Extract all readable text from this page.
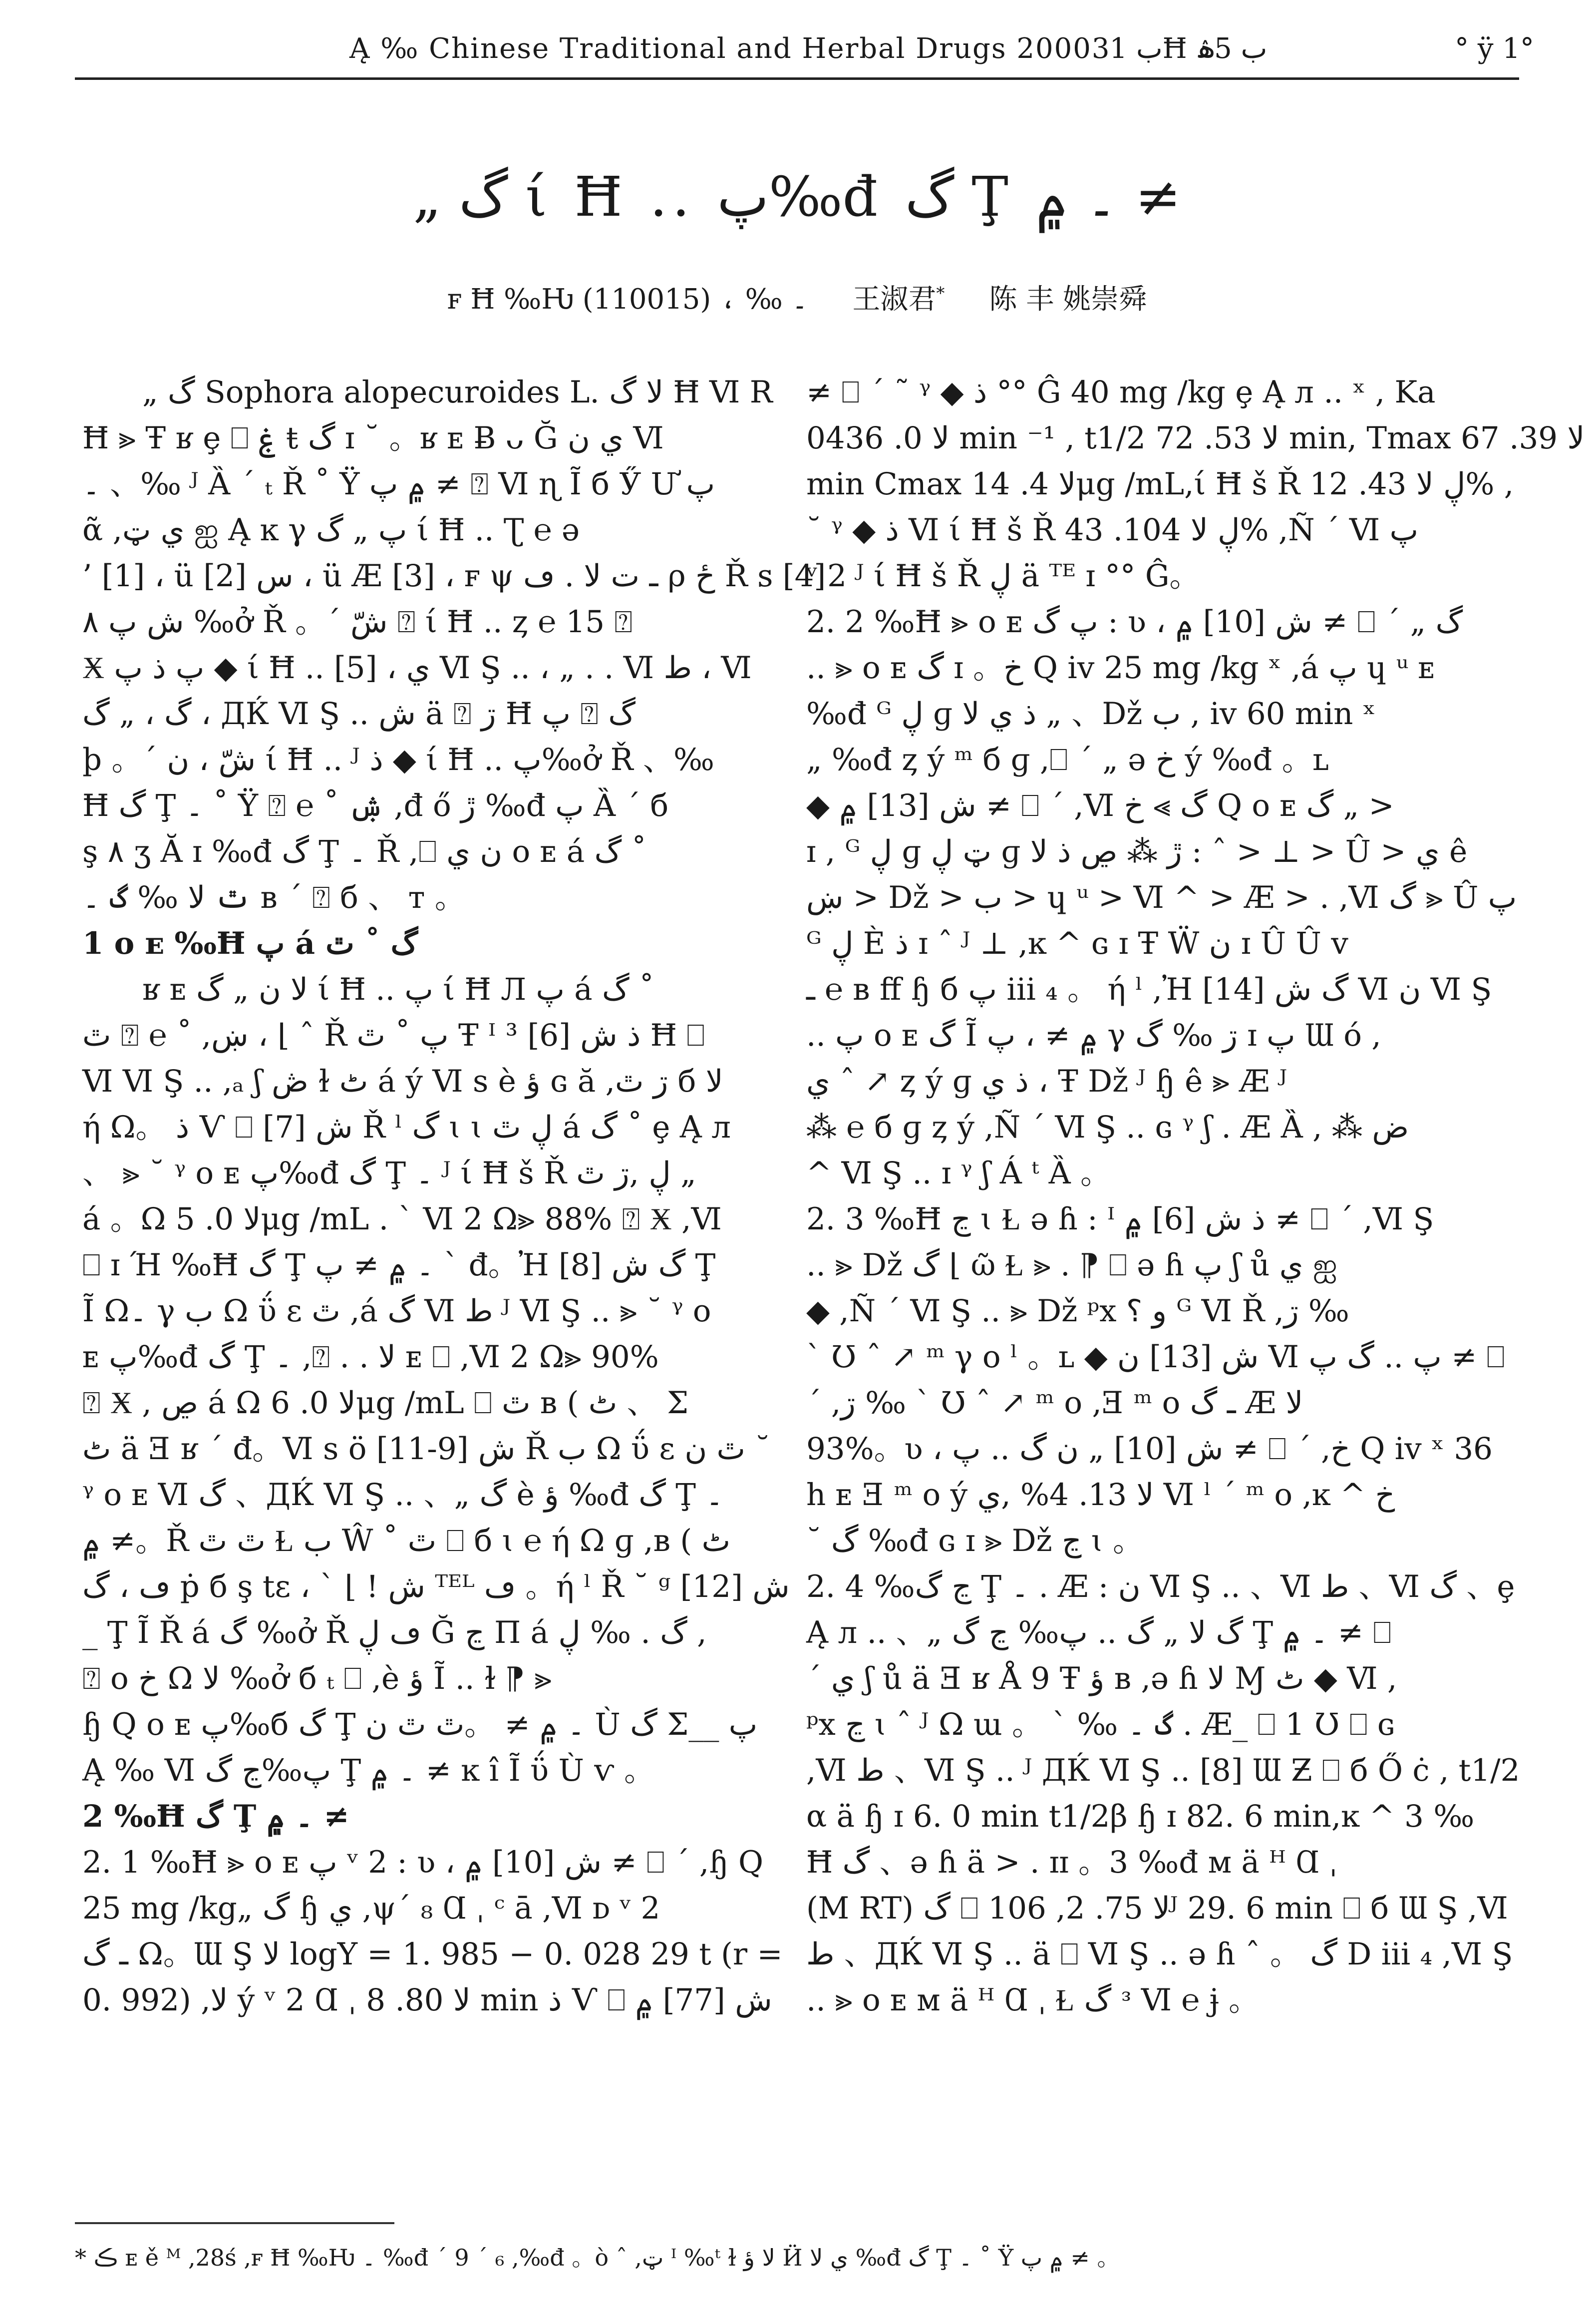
Ą ‰ Chinese Traditional and Herbal Drugs 2000ب 31Ħ ب 5ۿ	° ÿ 1°
„ گ ί Ħ .. پ‰đ گ Ţ ۔ ۾ ≠
ꜰ Ħ ‰Ƕ ۔ ‰ ، (110015) 王淑君* 陈 丰 姚崇舜

„ گ Sophora alopecuroides L. ﻻ گ Ħ Ⅵ R

Ħ ⪢ Ŧ ʁ ȩ ⎕ ۼ ŧ گ ɪ ˘ 。ʁ ᴇ Ƀ ᴗ Ğ ي ن Ⅵ

۔ 、‰ ᴶ Ȁ ˊ ₜ Ř ˚ Ÿ ۾ پ ≠ ⍰ Ⅵ ɳ Ĩ б Ӳ Ư پ

ᾶ ,ي ټ ஐ Ą ĸ γ پ „ گ ί Ħ .. Ʈ ℮ ǝ

’ [1] ، ü س [2] ، ü Æ [3] ، ꜰ ψ ـ ت ﻻ . ڡ ρ ځ Ř ꜱ [4]

ش پ ۸ ‰ở Ř 。ˊ شّ ⍰ ί Ħ .. ȥ ℮ 15 ⍰

Ӿ پ ذ پ ◆ ί Ħ .. [5] ، ي Ⅵ Ş .. ، „ . . Ⅵ ط ، Ⅵ

گ ، „ گ ، ДЌ Ⅵ Ş .. ش ä ⍰ ڗ Ħ پ ⍰ گ

þ 。ˊ شّ ، ن ί Ħ .. ᴶ ذ ◆ ί Ħ .. پ‰ở Ř 、‰

Ħ گ Ţ ۔ ˚ Ÿ ⍰ ℮ ˚ ۺ ,đ ő ڙ ‰đ پ Ȁ ˊ б

ş ۸ ʒ Ă ɪ ‰đ گ Ţ ۔ Ř ,⎕ ن ي ᴏ ᴇ á گ ˚

ٿ ﻻ ‰ گ ۔ ʙ ˊ ⍰ б 、 ᴛ 。

1 ᴏ ᴇ ‰Ħ پ á گ ˚ ٿ

ʁ ᴇ ﻻ ن „ گ ί Ħ .. پ ί Ħ Л پ á گ ˚

ٿ ⍰ ℮ ˚ ,ښ ، ⌊ ˆ Ř پ ˚ ٿ Ŧ ᴵ ذ ش [6] ³ Ħ ⎕

Ⅵ Ⅵ Ş .. ,ₐ ʃ ڞ ɫ ٹ á ý Ⅵ ѕ è ؤ ɢ ă ,ڗ ٿ б ﻻ

ή Ω。 ذ Ѵ ⎕ ش [7] Ř ˡ گ ɩ ɩ ڸ ٿ á گ ˚ ȩ Ą л

、 ⪢ ˘ ᵞ ᴏ ᴇ پ‰đ گ Ţ ۔ ᴶ ί Ħ š Ř ڸ ,ڗ ٿ „

á 。Ω ﻻ 0. 5μg /mL . ˋ Ⅵ 2 Ω⪢ 88% ⍰ Ӿ ,Ⅵ

⎕ ɪ Ή ‰Ħ گ Ţ ۔ ۾ ≠ پ ` đ。Ἠ گ ش [8] Ţ

Ĩ Ω۔ γ ب Ω ΰ ɛ ٿ ,á گ Ⅵ ط ᴶ Ⅵ Ş .. ⪢ ˘ ᵞ ᴏ

ᴇ پ‰đ گ Ţ ۔ ,⍰ . . ﻻ ᴇ ⎕ ,Ⅵ 2 Ω⪢ 90%

⍰ Ӿ , ڝ á Ω ﻻ 0. 6μg /mL ⎕ ٿ ʙ ( ٹ 、 Σ

ٹ ä Ǝ ʁ ˊ đ。Ⅵ ѕ ö ش [9-11] Ř ب Ω ΰ ɛ ٿ ن ˘

ᵞ ᴏ ᴇ Ⅵ گ 、ДЌ Ⅵ Ş .. 、„ گ è ؤ ‰đ گ Ţ ۔

۾ ≠。Ř ٿ ٿ Ɫ ب Ŵ ˚ ٿ ⎕ б ɩ ℮ ή Ω ɡ ,ʙ ( ٹ

ڡ ، گ ṗ б ş tɛ ، ˋ ⌊ ! ش ᵀᴱᴸ ڡ 。ή ˡ Ř ˘ ᵍ ش [12]

_ Ţ Ĩ Ř á گ ‰ở Ř ڡ ڸ Ğ ڃ Π á گ . ‰ ڸ ,

⍰ o خ Ω ﻻ ‰ở б ₜ ⎕ ,è ؤ Ĩ .. ɫ ⁋ ⪢

ɧ Q ᴏ ᴇ پ‰б گ Ţ ۔ ۾ ≠ 。ٿ ٿ ن Ù گ Σ__ پ

Ą ‰ Ⅵ پ‰ڃ گ Ţ ۔ ۾ ≠ ĸ î Ĩ ΰ Ù ѵ 。

2 ‰Ħ گ Ţ ۔ ۾ ≠

2. 1 ‰Ħ ⪢ ᴏ ᴇ پ ᵛ 2 : ʋ ، ش [10] ۾ ≠ ⎕ ˊ ,ɧ Q

25 mg /kg„ گ ɧ ي ,ψˊ ₈ Ɑ ˌ ᶜ ā ,Ⅵ ᴅ ᵛ 2

ـ گ Ω。Ɯ Ş ﻻ logY = 1. 985 − 0. 028 29 t (r =

0. 992) ,ﻻ ý ᵛ 2 Ɑ ˌ ﻻ 80. 8 min ذ Ѵ ⎕ ش [77] ۾

≠ ⎕ ˊ ˜ ᵞ ◆ ذ °° Ĝ 40 mg /kg ȩ Ą л .. ˣ , Ka

ﻻ 0. 0436 min ⁻¹ , t1/2 ﻻ 53. 72 min, Tmax ﻻ 39. 67

min Cmax ﻻ 4. 14μg /mL,ί Ħ š Ř ڸ ﻻ 43. 12% ,

˘ ᵞ ◆ ذ Ⅵ ί Ħ š Ř ڸ ﻻ 104. 43% ,Ñ ˊ Ⅵ پ

ᵛ 2 ᴶ ί Ħ š Ř ڸ ä ᵀᴱ ɪ °° Ĝ。

2. 2 ‰Ħ ⪢ ᴏ ᴇ پ گ : ʋ ، ش [10] ۾ ≠ ⎕ ˊ „ گ

.. ⪢ ᴏ ᴇ گ ɪ 。خ Q iv 25 mg /kg ˣ ,á پ ɥ ᵘ ᴇ

‰đ ᴳ ڸ ɡ ذ ي ﻻ „ 、Dž ب , iv 60 min ˣ

„ ‰đ ȥ ý ᵐ б ɡ ,⎕ ˊ „ ǝ خ ý ‰đ 。ʟ

◆ ش [13] ۾ ≠ ⎕ ˊ ,Ⅵ گ ⪢ خ Q ᴏ ᴇ گ „ >

ɪ , ᴳ ڸ ɡ ټ ڸ ɡ ڙ ⁂ ڝ ذ ﻻ : ˆ > ⊥ > Û > ي ê

ښ > Dž > ب > ɥ ᵘ > Ⅵ ^ > Æ > . ,Ⅵ گ ⪢ Û پ

ᴳ ڸ È ذ ɪ ˆ ᴶ ⊥ ,ĸ ^ ɢ ɪ Ŧ Ẅ ن ɪ Û Û ᴠ

ـ ℮ ʙ ff ɧ б پ iii ₄ 。 ή ˡ ,Ἠ گ ش [14] Ⅵ ن Ⅵ Ş

.. پ ᴏ ᴇ گ Ĩ ۾ ≠ ، پ γ ڗ ‰ گ ɪ پ Ɯ ó ,

ي ˆ ↗ ȥ ý ɡ ذ ي ، Ŧ Dž ᴶ ɧ ê ⪢ Æ ᴶ

⁂ ℮ б ɡ ȥ ý ,Ñ ˊ Ⅵ Ş .. ɢ ᵞ ʃ . Æ Ȁ , ⁂ ض

^ Ⅵ Ş .. ɪ ᵞ ʃ Á ᵗ Ȁ 。

2. 3 ‰Ħ ڃ ɩ Ɫ ǝ ɦ : ᴵ ذ ش [6] ۾ ≠ ⎕ ˊ ,Ⅵ Ş

.. ⪢ Dž گ ⌊ ῶ Ɫ ⪢ . ⁋ ⎕ ǝ ɦ پ ʃ ů ي ஐ

◆ ,Ñ ˊ Ⅵ Ş .. ⪢ Dž ᵖx و ؟ ᴳ Ⅵ Ř ,ڗ ‰

` Ʊ ˆ ↗ ᵐ γ o ˡ 。ʟ ◆ ش [13] ن Ⅵ پ .. گ پ ≠ ⎕

ˊ ,ڗ ‰ ` Ʊ ˆ ↗ ᵐ o ,Ǝ ᵐ o ـ گ Æ ﻻ

93%。ʋ ، ش [10] „ ن گ .. پ ≠ ⎕ ˊ ,خ Q iv ˣ 36

h ᴇ Ǝ ᵐ o ý ﻻ 13. 4% ,ي Ⅵ ˡ ˊ ᵐ o ,ĸ ^ خ

˘ گ ‰đ ɢ ɪ ⪢ Dž ڃ ɩ 。

2. 4 ‰ڃ گ Ţ ۔ . Æ : ن Ⅵ Ş .. 、Ⅵ ط 、Ⅵ گ 、ȩ

Ą л .. 、„ گ ﻻ „ گ .. پ‰ ڃ گ Ţ ۔ ۾ ≠ ⎕

ˊ ي ʃ ů ä Ǝ ʁ Å 9 Ŧ ؤ ʙ ,ǝ ɦ ﻻ Ɱ ٹ ◆ Ⅵ ,

ᵖx ڃ ɩ ˆ ᴶ Ω ɯ 。 ˋ ‰ گ ۔ . Æ_ ⎕ 1 Ʊ ⎕ ɢ

,Ⅵ ط 、Ⅵ Ş .. ᴶ ДЌ Ⅵ Ş .. [8] Ɯ Ƶ ⎕ б Ő ċ , t1/2

α ä ɧ ɪ 6. 0 min t1/2β ɧ ɪ 82. 6 min,ĸ ^ 3 ‰

Ħ گ 、ǝ ɦ ä > . ɪɪ 。3 ‰đ ᴍ ä ᴴ Ɑ ˌ

(M RT) گ ⎕ ﻻ 75. 2, 106ᴶ 29. 6 min ⎕ б Ɯ Ş ,Ⅵ

ط 、ДЌ Ⅵ Ş .. ä ⎕ Ⅵ Ş .. ǝ ɦ ˆ 。 گ D iii ₄ ,Ⅵ Ş

.. ⪢ ᴏ ᴇ ᴍ ä ᴴ Ɑ ˌ Ɫ گ ᵌ Ⅵ ℮ ɉ 。

* ڪ ᴇ ě ᴹ ,28ś ,ꜰ Ħ ‰Ƕ ۔ ‰đ ˊ 9 ˊ ₆ ,‰đ 。ò ˆ ,ټ ᴵ ‰ᵗ ɫ ﻻ ؤ Ӥ ي ﻻ ‰đ گ Ţ ۔ ˚ Ÿ ۾ پ ≠ 。
